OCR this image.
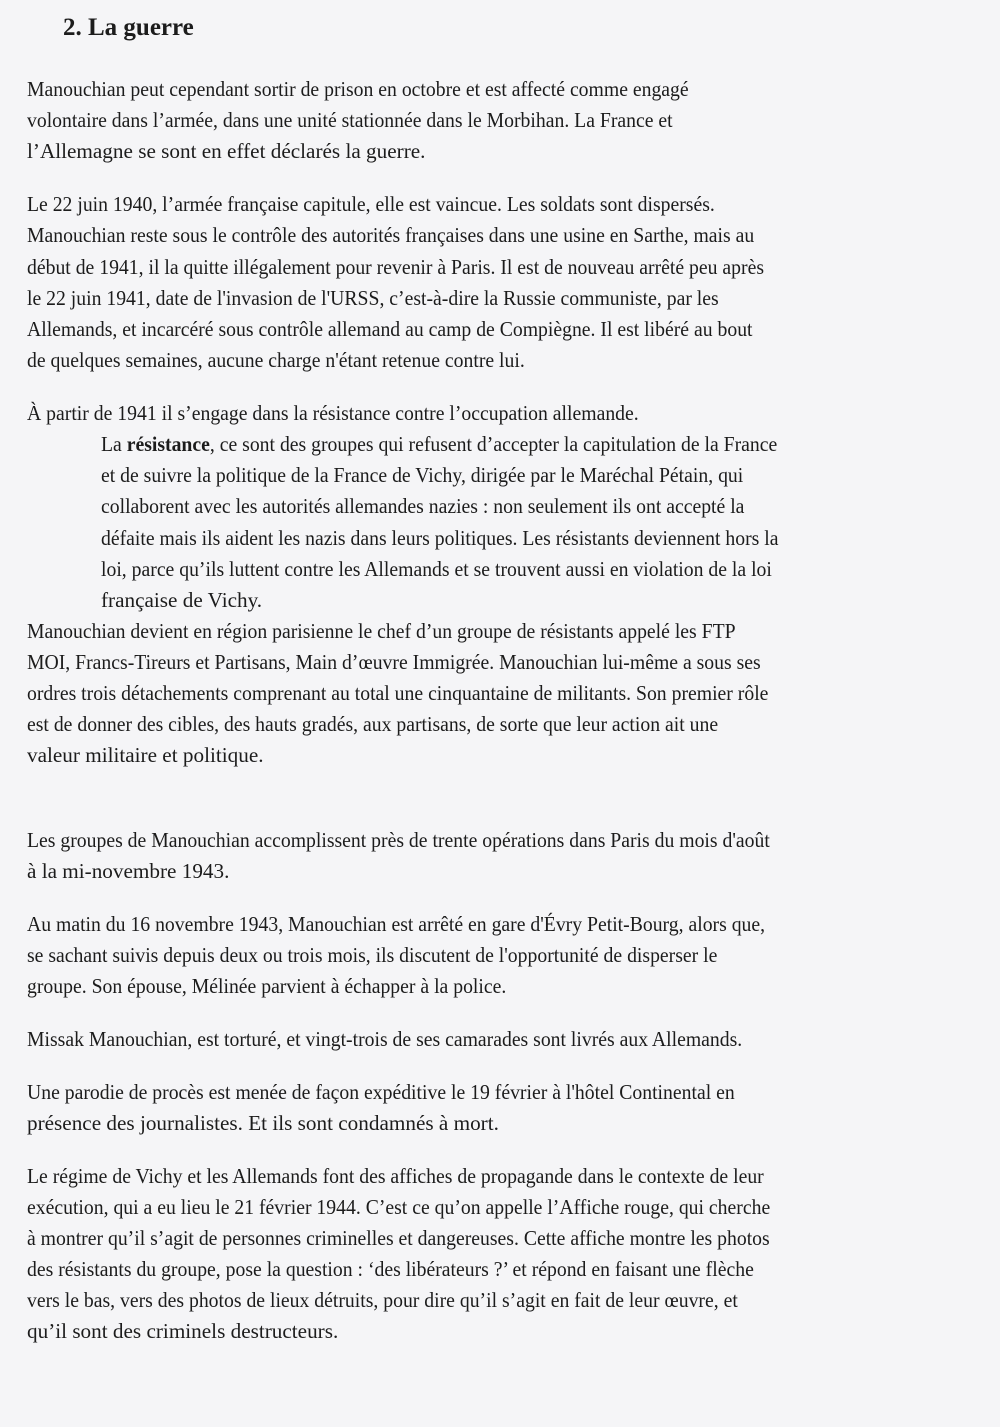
2. La guerre
Manouchian peut cependant sortir de prison en octobre et est affecté comme engagé
volontaire dans l’armée, dans une unité stationnée dans le Morbihan. La France et
l’Allemagne se sont en effet déclarés la guerre.
Le 22 juin 1940, l’armée française capitule, elle est vaincue. Les soldats sont dispersés.
Manouchian reste sous le contrôle des autorités françaises dans une usine en Sarthe, mais au
début de 1941, il la quitte illégalement pour revenir à Paris. Il est de nouveau arrêté peu après
le 22 juin 1941, date de l'invasion de l'URSS, c’est-à-dire la Russie communiste, par les
Allemands, et incarcéré sous contrôle allemand au camp de Compiègne. Il est libéré au bout
de quelques semaines, aucune charge n'étant retenue contre lui.
À partir de 1941 il s’engage dans la résistance contre l’occupation allemande.
La résistance, ce sont des groupes qui refusent d’accepter la capitulation de la France
et de suivre la politique de la France de Vichy, dirigée par le Maréchal Pétain, qui
collaborent avec les autorités allemandes nazies : non seulement ils ont accepté la
défaite mais ils aident les nazis dans leurs politiques. Les résistants deviennent hors la
loi, parce qu’ils luttent contre les Allemands et se trouvent aussi en violation de la loi
française de Vichy.
Manouchian devient en région parisienne le chef d’un groupe de résistants appelé les FTP
MOI, Francs-Tireurs et Partisans, Main d’œuvre Immigrée. Manouchian lui-même a sous ses
ordres trois détachements comprenant au total une cinquantaine de militants. Son premier rôle
est de donner des cibles, des hauts gradés, aux partisans, de sorte que leur action ait une
valeur militaire et politique.
Les groupes de Manouchian accomplissent près de trente opérations dans Paris du mois d'août
à la mi-novembre 1943.
Au matin du 16 novembre 1943, Manouchian est arrêté en gare d'Évry Petit-Bourg, alors que,
se sachant suivis depuis deux ou trois mois, ils discutent de l'opportunité de disperser le
groupe. Son épouse, Mélinée parvient à échapper à la police.
Missak Manouchian, est torturé, et vingt-trois de ses camarades sont livrés aux Allemands.
Une parodie de procès est menée de façon expéditive le 19 février à l'hôtel Continental en
présence des journalistes. Et ils sont condamnés à mort.
Le régime de Vichy et les Allemands font des affiches de propagande dans le contexte de leur
exécution, qui a eu lieu le 21 février 1944. C’est ce qu’on appelle l’Affiche rouge, qui cherche
à montrer qu’il s’agit de personnes criminelles et dangereuses. Cette affiche montre les photos
des résistants du groupe, pose la question : ‘des libérateurs ?’ et répond en faisant une flèche
vers le bas, vers des photos de lieux détruits, pour dire qu’il s’agit en fait de leur œuvre, et
qu’il sont des criminels destructeurs.
